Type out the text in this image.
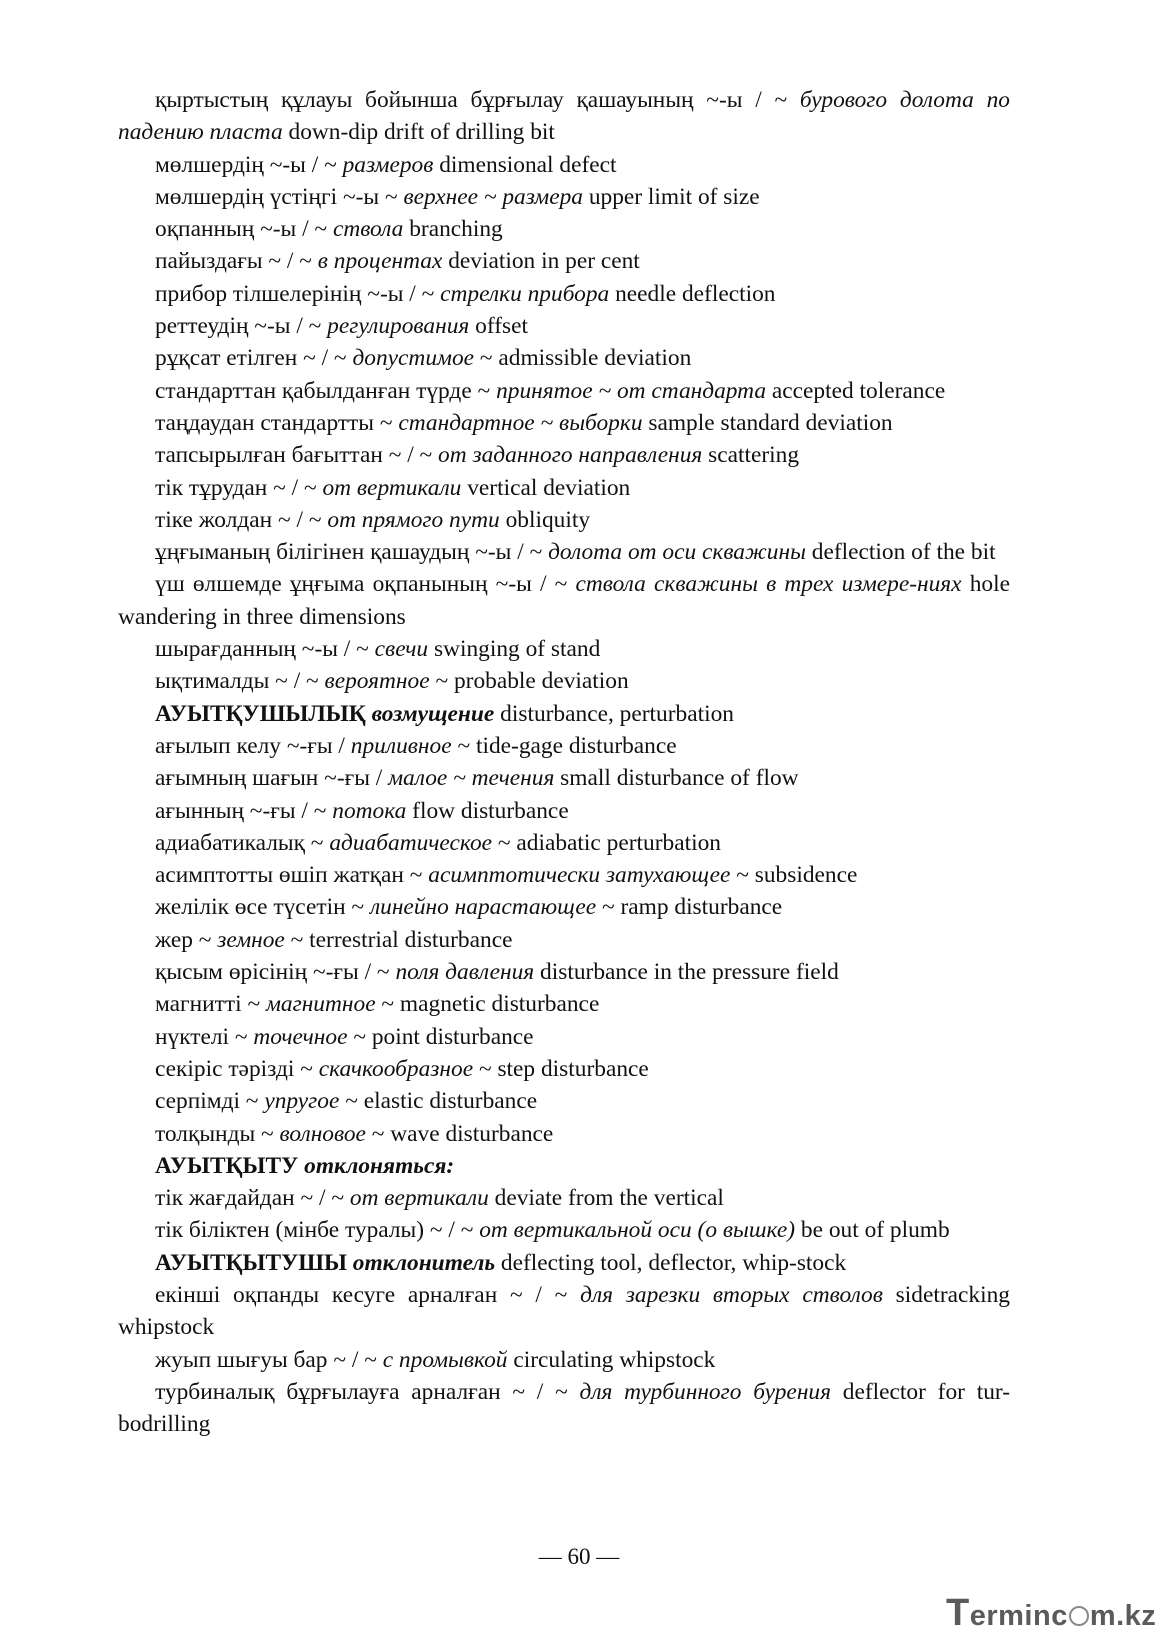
қыртыстың құлауы бойынша бұрғылау қашауының ~-ы / ~ бурового долота по падению пласта down-dip drift of drilling bit

мөлшердің ~-ы / ~ размеров dimensional defect

мөлшердің үстіңгі ~-ы ~ верхнее ~ размера upper limit of size

оқпанның ~-ы / ~ ствола branching

пайыздағы ~ / ~ в процентах deviation in per cent

прибор тілшелерінің ~-ы / ~ стрелки прибора needle deflection

реттеудің ~-ы / ~ регулирования offset

рұқсат етілген ~ / ~ допустимое ~ admissible deviation

стандарттан қабылданған түрде ~ принятое ~ от стандарта accepted tolerance

таңдаудан стандартты ~ стандартное ~ выборки sample standard deviation

тапсырылған бағыттан ~ / ~ от заданного направления scattering

тік тұрудан ~ / ~ от вертикали vertical deviation

тіке жолдан ~ / ~ от прямого пути obliquity

ұңғыманың білігінен қашаудың ~-ы / ~ долота от оси скважины deflection of the bit

үш өлшемде ұңғыма оқпанының ~-ы / ~ ствола скважины в трех измере-ниях hole wandering in three dimensions

шырағданның ~-ы / ~ свечи swinging of stand

ықтималды ~ / ~ вероятное ~ probable deviation

АУЫТҚУШЫЛЫҚ возмущение disturbance, perturbation

ағылып келу ~-ғы / приливное ~ tide-gage disturbance

ағымның шағын ~-ғы / малое ~ течения small disturbance of flow

ағынның ~-ғы / ~ потока flow disturbance

адиабатикалық ~ адиабатическое ~ adiabatic perturbation

асимптотты өшіп жатқан ~ асимптотически затухающее ~ subsidence

желілік өсе түсетін ~ линейно нарастающее ~ ramp disturbance

жер ~ земное ~ terrestrial disturbance

қысым өрісінің ~-ғы / ~ поля давления disturbance in the pressure field

магнитті ~ магнитное ~ magnetic disturbance

нүктелі ~ точечное ~ point disturbance

секіріс тәрізді ~ скачкообразное ~ step disturbance

серпімді ~ упругое ~ elastic disturbance

толқынды ~ волновое ~ wave disturbance

АУЫТҚЫТУ отклоняться:

тік жағдайдан ~ / ~ от вертикали deviate from the vertical

тік біліктен (мінбе туралы) ~ / ~ от вертикальной оси (о вышке) be out of plumb

АУЫТҚЫТУШЫ отклонитель deflecting tool, deflector, whip-stock

екінші оқпанды кесуге арналған ~ / ~ для зарезки вторых стволов sidetracking whipstock

жуып шығуы бар ~ / ~ с промывкой circulating whipstock

турбиналық бұрғылауға арналған ~ / ~ для турбинного бурения deflector for tur-bodrilling

— 60 —
Terminc m.kz
